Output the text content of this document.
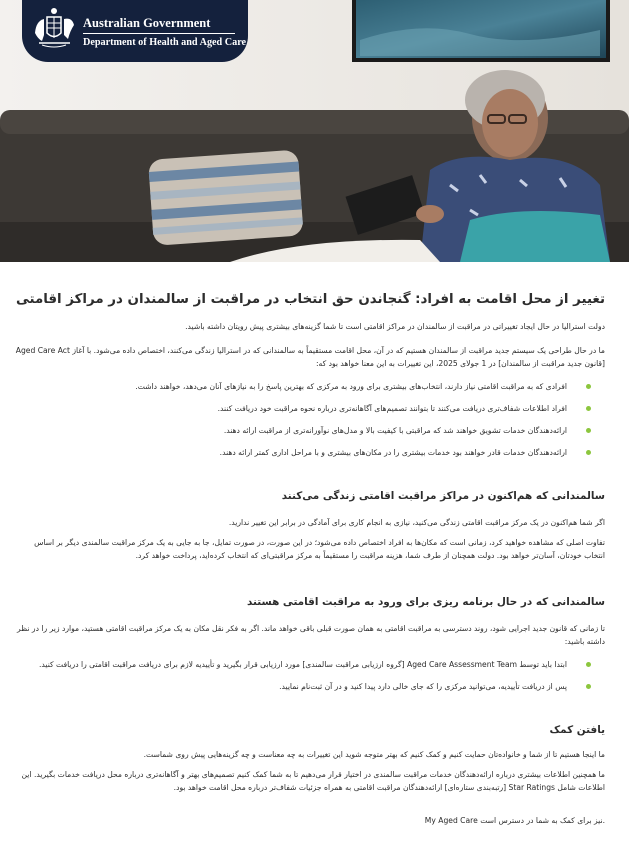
Australian Government
Department of Health and Aged Care
تغییر از محل اقامت به افراد: گنجاندن حق انتخاب در مراقبت از سالمندان در مراکز اقامتی

دولت استرالیا در حال ایجاد تغییراتی در مراقبت از سالمندان در مراکز اقامتی است تا شما گزینه‌های بیشتری پیش رویتان داشته باشید.

ما در حال طراحی یک سیستم جدید مراقبت از سالمندان هستیم که در آن، محل اقامت مستقیماً به سالمندانی که در استرالیا زندگی می‌کنند، اختصاص داده می‌شود. با آغاز Aged Care Act [قانون جدید مراقبت از سالمندان] در 1 جولای 2025، این تغییرات به این معنا خواهد بود که:

افرادی که به مراقبت اقامتی نیاز دارند، انتخاب‌های بیشتری برای ورود به مرکزی که بهترین پاسخ را به نیازهای آنان می‌دهد، خواهند داشت.
افراد اطلاعات شفاف‌تری دریافت می‌کنند تا بتوانند تصمیم‌های آگاهانه‌تری درباره نحوه مراقبت خود دریافت کنند.
ارائه‌دهندگان خدمات تشویق خواهند شد که مراقبتی با کیفیت بالا و مدل‌های نوآورانه‌تری از مراقبت ارائه دهند.
ارائه‌دهندگان خدمات قادر خواهند بود خدمات بیشتری را در مکان‌های بیشتری و با مراحل اداری کمتر ارائه دهند.
سالمندانی که هم‌اکنون در مراکز مراقبت اقامتی زندگی می‌کنند

اگر شما هم‌اکنون در یک مرکز مراقبت اقامتی زندگی می‌کنید، نیازی به انجام کاری برای آمادگی در برابر این تغییر ندارید.

تفاوت اصلی که مشاهده خواهید کرد، زمانی است که مکان‌ها به افراد اختصاص داده می‌شود؛ در این صورت، در صورت تمایل، جا به جایی به یک مرکز مراقبت سالمندی دیگر بر اساس انتخاب خودتان، آسان‌تر خواهد بود. دولت همچنان از طرف شما، هزینه مراقبت را مستقیماً به مرکز مراقبتی‌ای که انتخاب کرده‌اید، پرداخت خواهد کرد.

سالمندانی که در حال برنامه ریزی برای ورود به مراقبت اقامتی هستند

تا زمانی که قانون جدید اجرایی شود، روند دسترسی به مراقبت اقامتی به همان صورت قبلی باقی خواهد ماند. اگر به فکر نقل مکان به یک مرکز مراقبت اقامتی هستید، موارد زیر را در نظر داشته باشید:

ابتدا باید توسط Aged Care Assessment Team [گروه ارزیابی مراقبت سالمندی] مورد ارزیابی قرار بگیرید و تأییدیه لازم برای دریافت مراقبت اقامتی را دریافت کنید.
پس از دریافت تأییدیه، می‌توانید مرکزی را که جای خالی دارد پیدا کنید و در آن ثبت‌نام نمایید.
یافتن کمک

ما اینجا هستیم تا از شما و خانواده‌تان حمایت کنیم و کمک کنیم که بهتر متوجه شوید این تغییرات به چه معناست و چه گزینه‌هایی پیش روی شماست.

ما همچنین اطلاعات بیشتری درباره ارائه‌دهندگان خدمات مراقبت سالمندی در اختیار قرار می‌دهیم تا به شما کمک کنیم تصمیم‌های بهتر و آگاهانه‌تری درباره محل دریافت خدمات بگیرید. این اطلاعات شامل Star Ratings [رتبه‌بندی ستاره‌ای] ارائه‌دهندگان مراقبت اقامتی به همراه جزئیات شفاف‌تر درباره محل اقامت خواهد بود.

My Aged Care نیز برای کمک به شما در دسترس است.
